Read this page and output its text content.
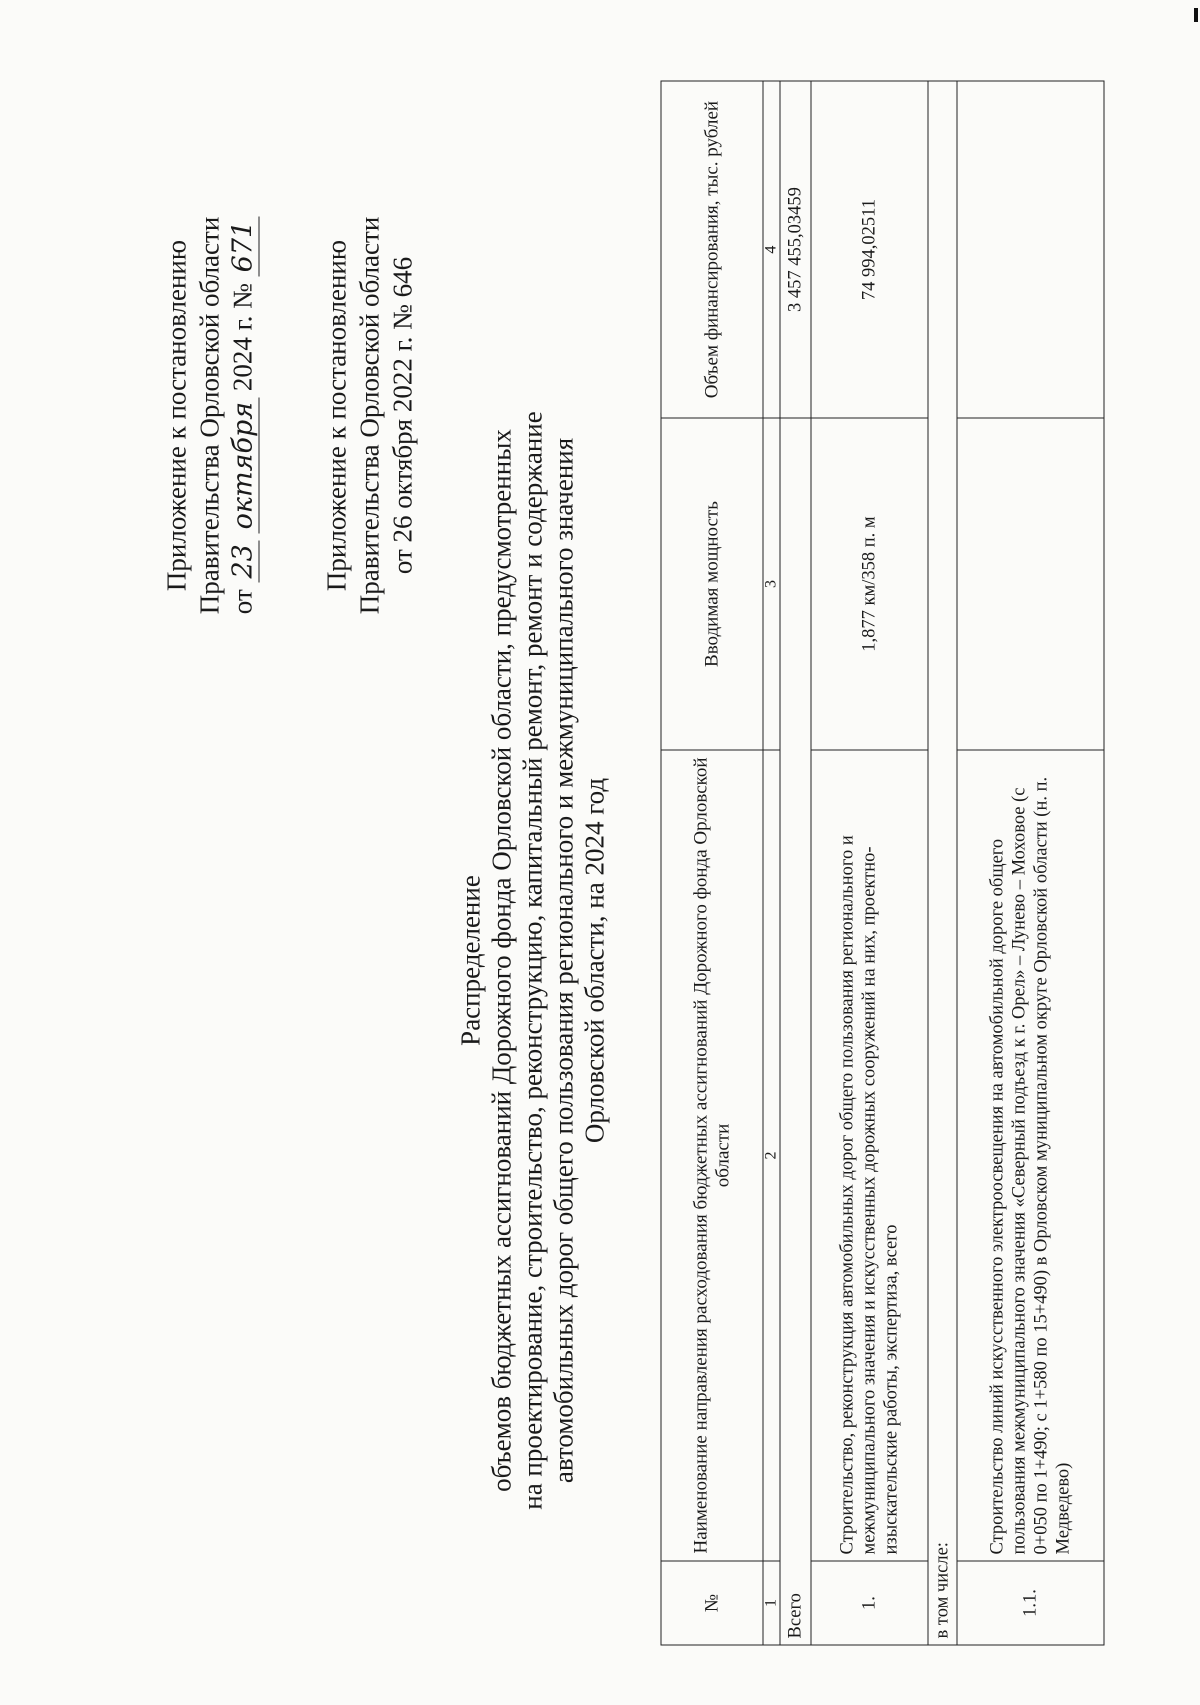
Приложение к постановлению Правительства Орловской области от 23 октября 2024 г. № 671 Приложение к постановлению Правительства Орловской области от 26 октября 2022 г. № 646
Распределение объемов бюджетных ассигнований Дорожного фонда Орловской области, предусмотренных на проектирование, строительство, реконструкцию, капитальный ремонт, ремонт и содержание автомобильных дорог общего пользования регионального и межмуниципального значения Орловской области, на 2024 год
№	Наименование направления расходования бюджетных ассигнований Дорожного фонда Орловской области	Вводимая мощность	Объем финансирования, тыс. рублей
1	2	3	4
Всего			3 457 455,03459
1.	Строительство, реконструкция автомобильных дорог общего пользования регионального и межмуниципального значения и искусственных дорожных сооружений на них, проектно-изыскательские работы, экспертиза, всего	1,877 км/358 п. м	74 994,02511
в том числе:			
1.1.	Строительство линий искусственного электроосвещения на автомобильной дороге общего пользования межмуниципального значения «Северный подъезд к г. Орел» – Лунево – Моховое (с 0+050 по 1+490; с 1+580 по 15+490) в Орловском муниципальном округе Орловской области (н. п. Медведево)		
